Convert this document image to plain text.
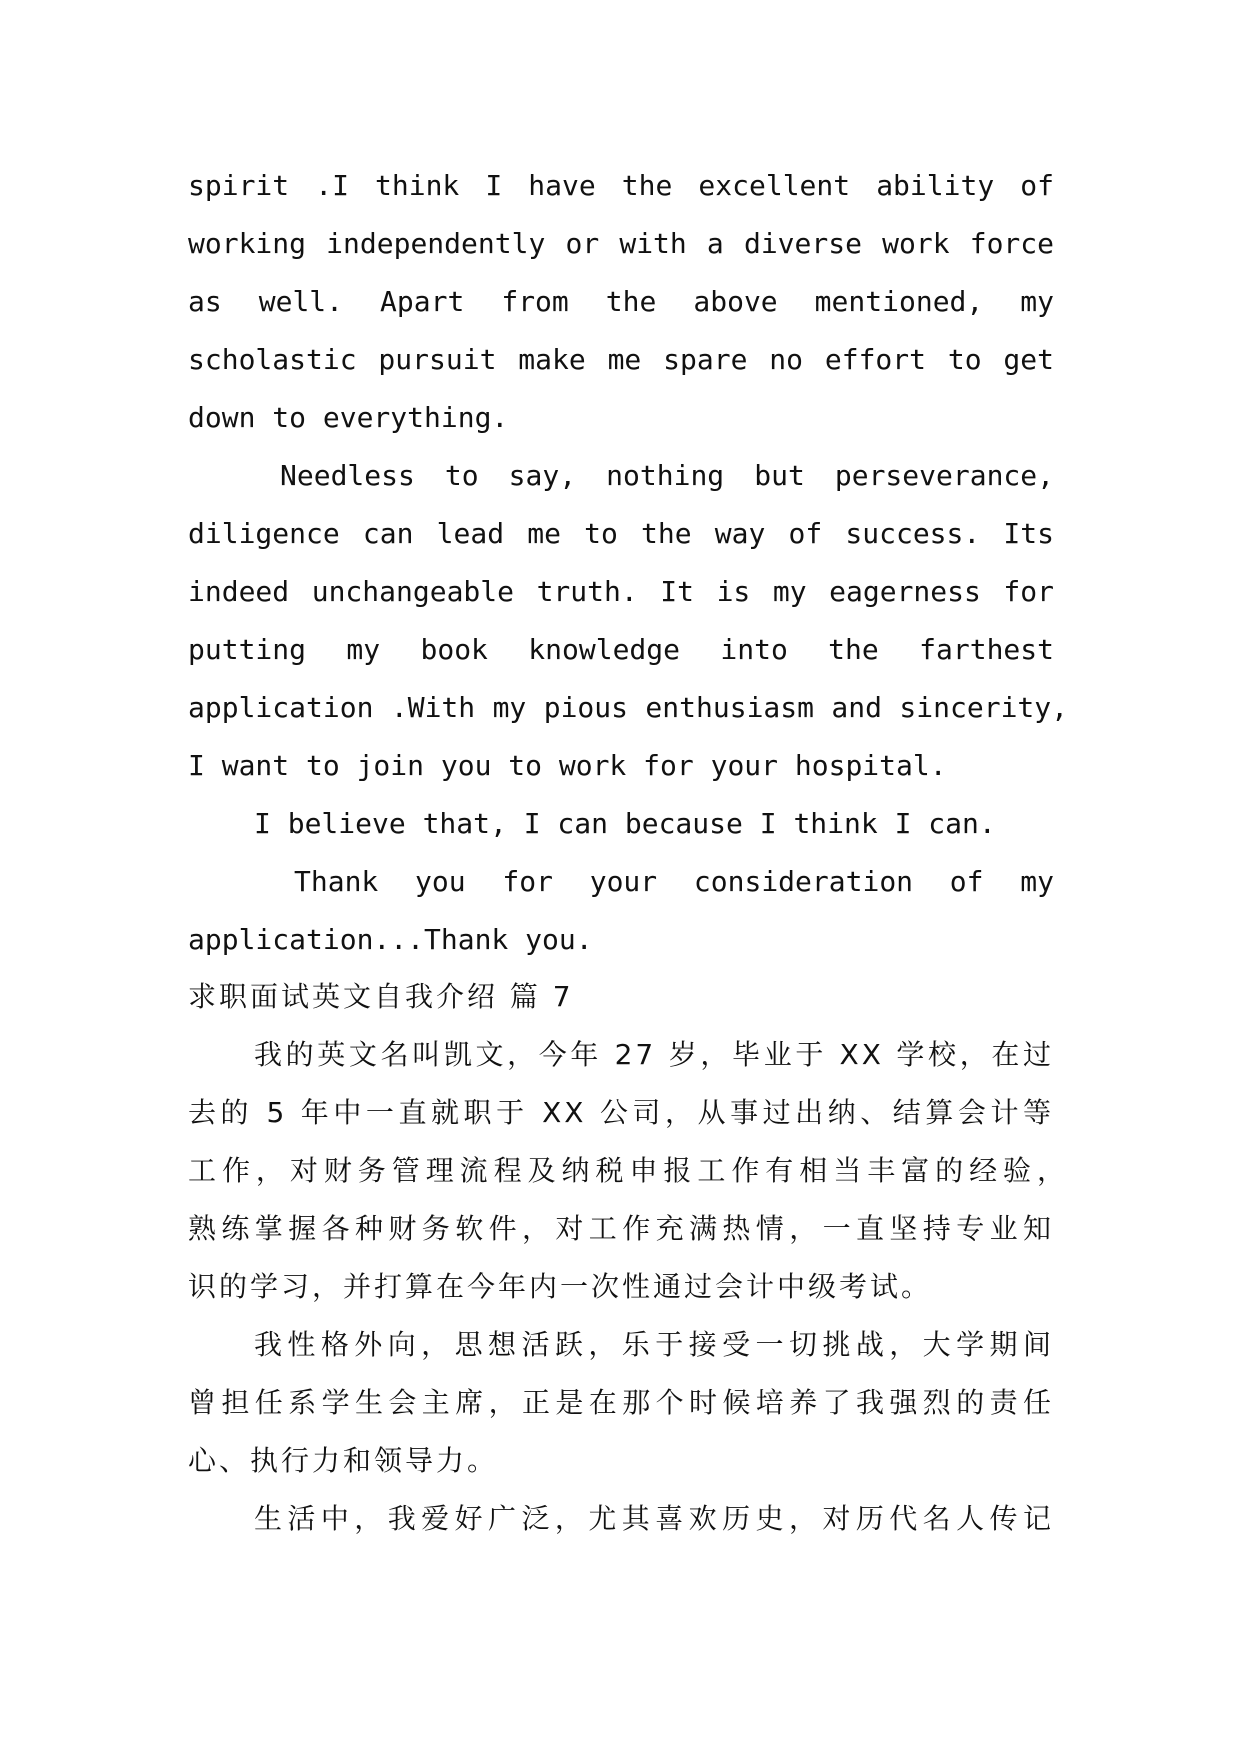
spirit .I think I have the excellent ability of

working independently or with a diverse work force

as well. Apart from the above mentioned, my

scholastic pursuit make me spare no effort to get

down to everything.

Needless to say, nothing but perseverance,

diligence can lead me to the way of success. Its

indeed unchangeable truth. It is my eagerness for

putting my book knowledge into the farthest

application .With my pious enthusiasm and sincerity,

I want to join you to work for your hospital.

I believe that, I can because I think I can.

Thank you for your consideration of my

application...Thank you.

求职面试英文自我介绍 篇 7

我的英文名叫凯文，今年 27 岁，毕业于 XX 学校，在过

去的 5 年中一直就职于 XX 公司，从事过出纳、结算会计等

工作，对财务管理流程及纳税申报工作有相当丰富的经验，

熟练掌握各种财务软件，对工作充满热情，一直坚持专业知

识的学习，并打算在今年内一次性通过会计中级考试。

我性格外向，思想活跃，乐于接受一切挑战，大学期间

曾担任系学生会主席，正是在那个时候培养了我强烈的责任

心、执行力和领导力。

生活中，我爱好广泛，尤其喜欢历史，对历代名人传记
